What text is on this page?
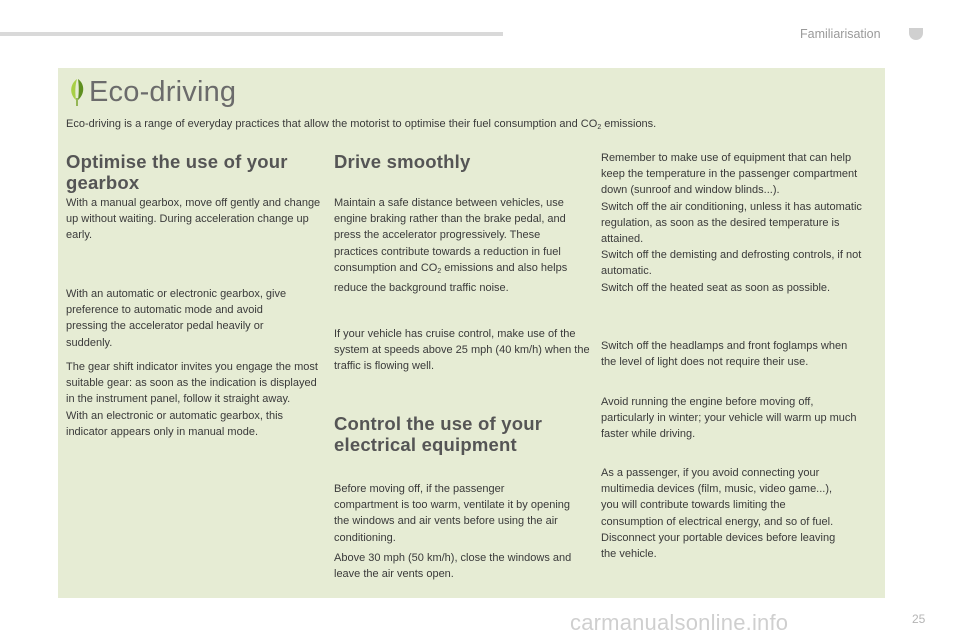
Familiarisation
Eco-driving
Eco-driving is a range of everyday practices that allow the motorist to optimise their fuel consumption and $CO_2$ emissions.
Optimise the use of your gearbox

With a manual gearbox, move off gently and change up without waiting. During acceleration change up early.

With an automatic or electronic gearbox, give preference to automatic mode and avoid pressing the accelerator pedal heavily or suddenly.

The gear shift indicator invites you engage the most suitable gear: as soon as the indication is displayed in the instrument panel, follow it straight away.

With an electronic or automatic gearbox, this indicator appears only in manual mode.

Drive smoothly

Maintain a safe distance between vehicles, use engine braking rather than the brake pedal, and press the accelerator progressively. These practices contribute towards a reduction in fuel consumption and $CO_2$ emissions and also helps reduce the background traffic noise.

If your vehicle has cruise control, make use of the system at speeds above 25 mph (40 km/h) when the traffic is flowing well.

Control the use of your electrical equipment

Before moving off, if the passenger compartment is too warm, ventilate it by opening the windows and air vents before using the air conditioning.

Above 30 mph (50 km/h), close the windows and leave the air vents open.

Remember to make use of equipment that can help keep the temperature in the passenger compartment down (sunroof and window blinds...).

Switch off the air conditioning, unless it has automatic regulation, as soon as the desired temperature is attained.

Switch off the demisting and defrosting controls, if not automatic.

Switch off the heated seat as soon as possible.

Switch off the headlamps and front foglamps when the level of light does not require their use.

Avoid running the engine before moving off, particularly in winter; your vehicle will warm up much faster while driving.

As a passenger, if you avoid connecting your multimedia devices (film, music, video game...), you will contribute towards limiting the consumption of electrical energy, and so of fuel.

Disconnect your portable devices before leaving the vehicle.

carmanualsonline.info	25
